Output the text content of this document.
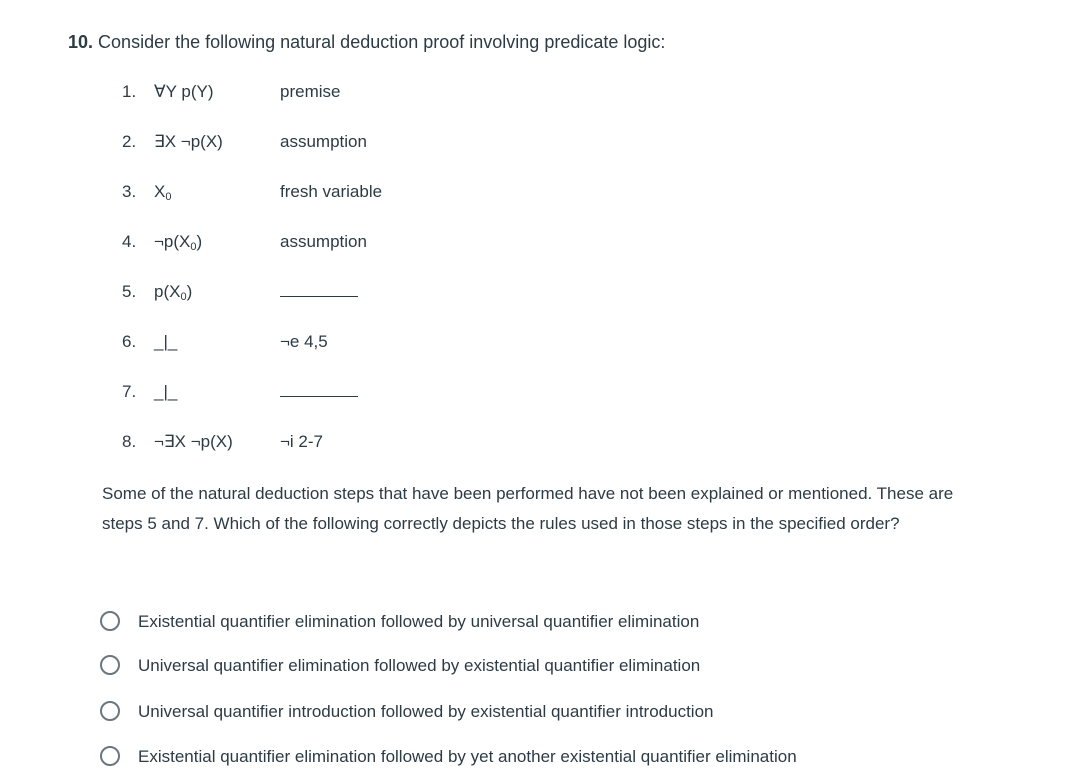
10. Consider the following natural deduction proof involving predicate logic:
1. ∀Y p(Y)	premise
2. ∃X ¬p(X)	assumption
3. $X_0$	fresh variable
4. $\neg p(X_0)$	assumption
5. $p(X_0)$
6. _|_	¬e 4,5
7. _|_
8. ¬∃X ¬p(X)	¬i 2-7

Some of the natural deduction steps that have been performed have not been explained or mentioned. These are

steps 5 and 7. Which of the following correctly depicts the rules used in those steps in the specified order?

Existential quantifier elimination followed by universal quantifier elimination
Universal quantifier elimination followed by existential quantifier elimination
Universal quantifier introduction followed by existential quantifier introduction
Existential quantifier elimination followed by yet another existential quantifier elimination
